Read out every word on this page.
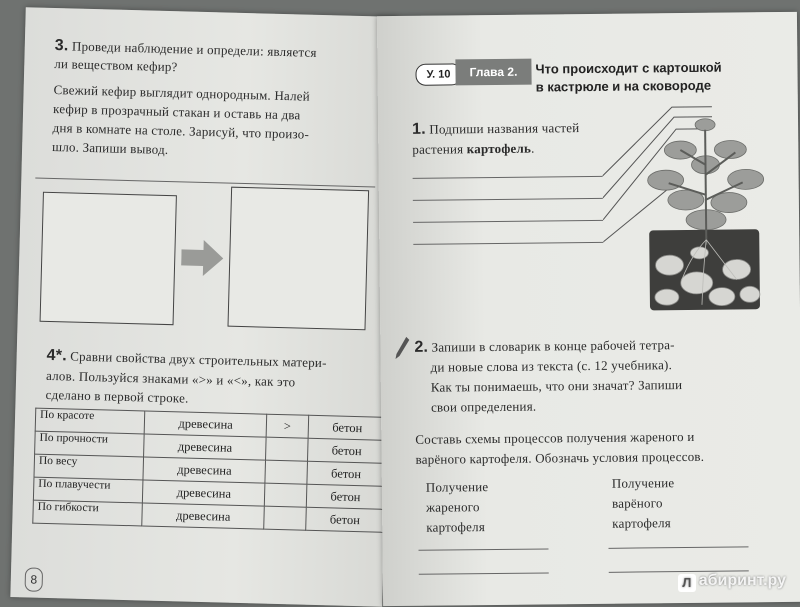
3. Проведи наблюдение и определи: является
ли веществом кефир?
Свежий кефир выглядит однородным. Налей
кефир в прозрачный стакан и оставь на два
дня в комнате на столе. Зарисуй, что произо-
шло. Запиши вывод.
4*. Сравни свойства двух строительных матери-
алов. Пользуйся знаками «>» и «<», как это
сделано в первой строке.
По красоте	древесина	>	бетон
По прочности	древесина		бетон
По весу	древесина		бетон
По плавучести	древесина		бетон
По гибкости	древесина		бетон
8
У. 10	Глава 2.	Что происходит с картошкой
в кастрюле и на сковороде
1. Подпиши названия частей
растения картофель.
2. Запиши в словарик в конце рабочей тетра-
ди новые слова из текста (с. 12 учебника).
Как ты понимаешь, что они значат? Запиши
свои определения.
Составь схемы процессов получения жареного и
варёного картофеля. Обозначь условия процессов.
Получение
жареного
картофеля
Получение
варёного
картофеля
Л абиринт.ру
